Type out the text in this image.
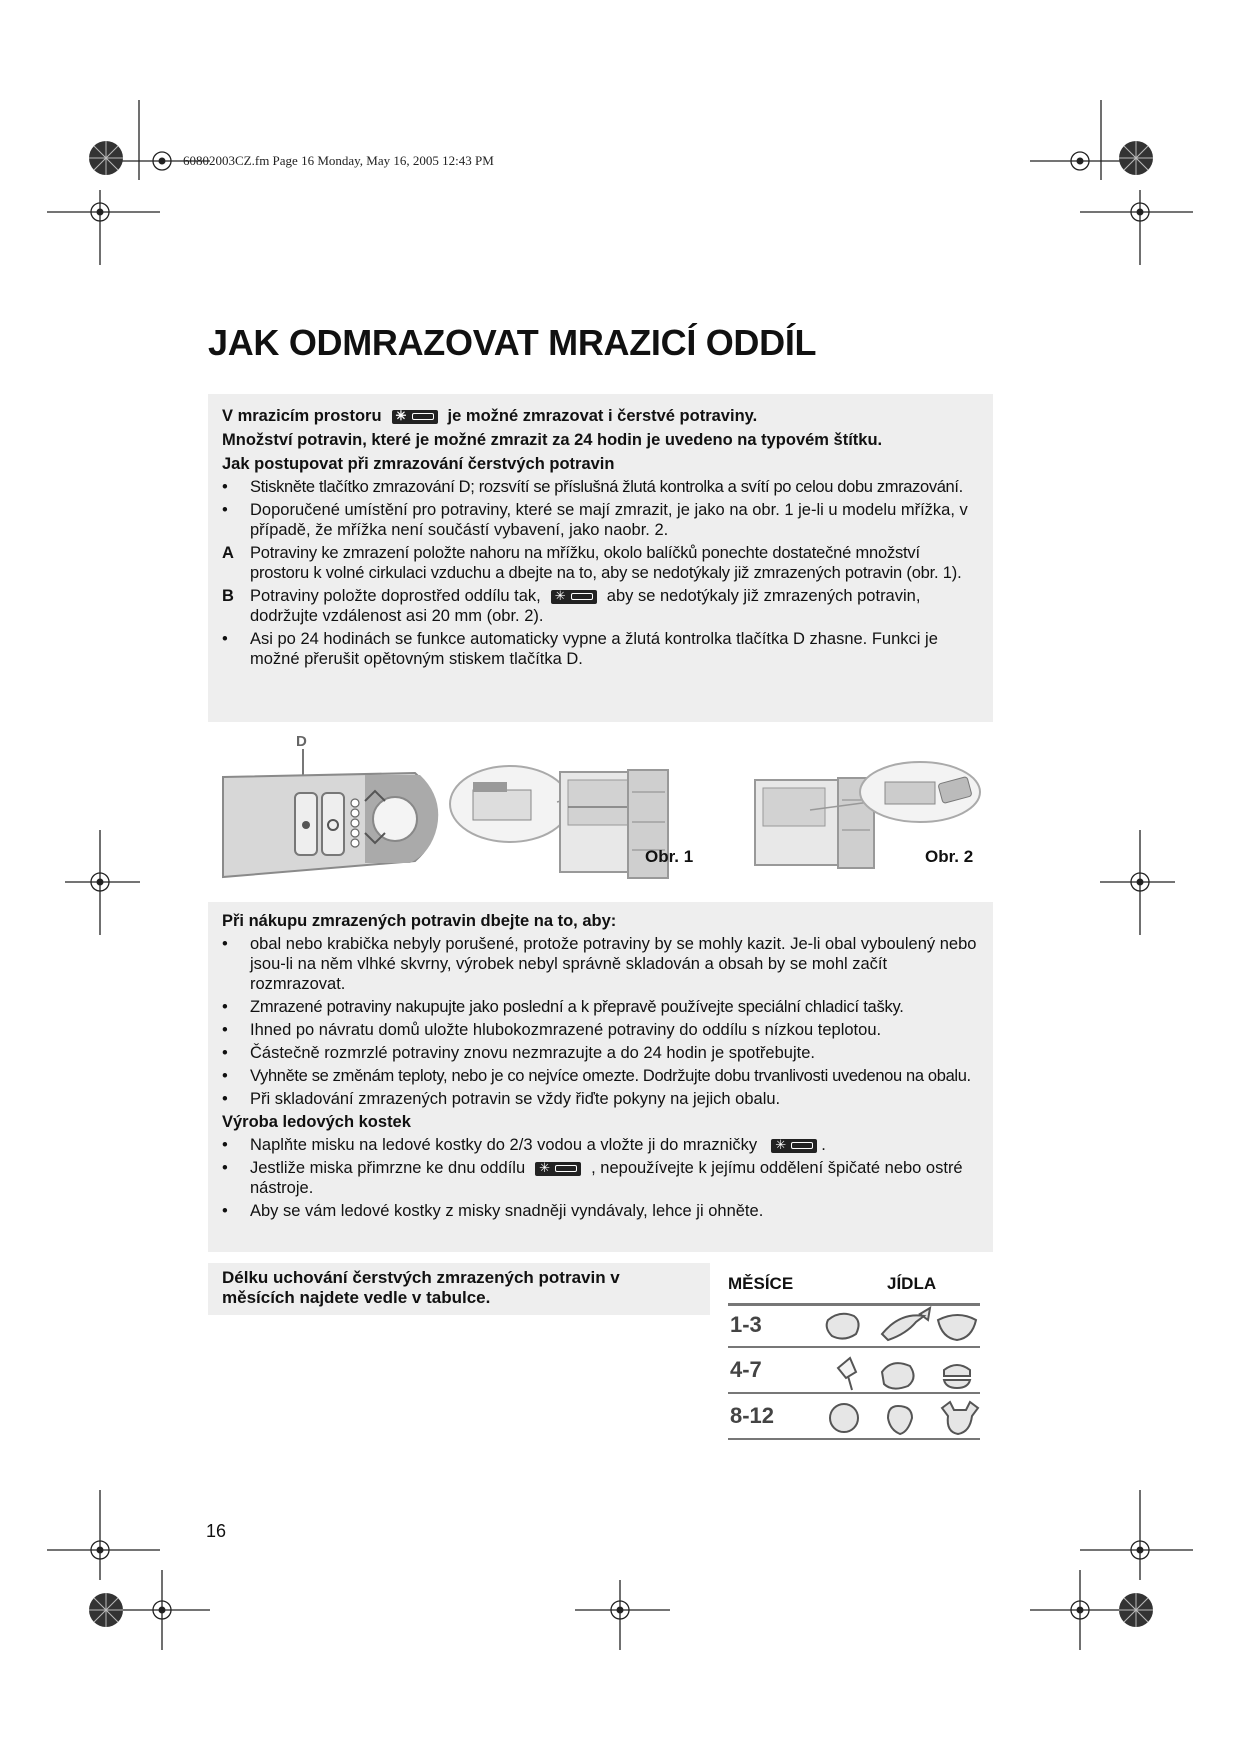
60802003CZ.fm Page 16 Monday, May 16, 2005 12:43 PM
JAK ODMRAZOVAT MRAZICÍ ODDÍL
V mrazicím prostoru ✳ je možné zmrazovat i čerstvé potraviny.
Množství potravin, které je možné zmrazit za 24 hodin je uvedeno na typovém štítku.
Jak postupovat při zmrazování čerstvých potravin
•	Stiskněte tlačítko zmrazování D; rozsvítí se příslušná žlutá kontrolka a svítí po celou dobu zmrazování.
•	Doporučené umístění pro potraviny, které se mají zmrazit, je jako na obr. 1 je-li u modelu mřížka, v případě, že mřížka není součástí vybavení, jako naobr. 2.
A Potraviny ke zmrazení položte nahoru na mřížku, okolo balíčků ponechte dostatečné množství prostoru k volné cirkulaci vzduchu a dbejte na to, aby se nedotýkaly již zmrazených potravin (obr. 1).
B Potraviny položte doprostřed oddílu tak, ✳ aby se nedotýkaly již zmrazených potravin, dodržujte vzdálenost asi 20 mm (obr. 2).
•	Asi po 24 hodinách se funkce automaticky vypne a žlutá kontrolka tlačítka D zhasne. Funkci je možné přerušit opětovným stiskem tlačítka D.
D
Obr. 1	Obr. 2
Při nákupu zmrazených potravin dbejte na to, aby:
•	obal nebo krabička nebyly porušené, protože potraviny by se mohly kazit. Je-li obal vyboulený nebo jsou-li na něm vlhké skvrny, výrobek nebyl správně skladován a obsah by se mohl začít rozmrazovat.
•	Zmrazené potraviny nakupujte jako poslední a k přepravě používejte speciální chladicí tašky.
•	Ihned po návratu domů uložte hlubokozmrazené potraviny do oddílu s nízkou teplotou.
•	Částečně rozmrzlé potraviny znovu nezmrazujte a do 24 hodin je spotřebujte.
•	Vyhněte se změnám teploty, nebo je co nejvíce omezte. Dodržujte dobu trvanlivosti uvedenou na obalu.
•	Při skladování zmrazených potravin se vždy řiďte pokyny na jejich obalu.
Výroba ledových kostek
•	Naplňte misku na ledové kostky do 2/3 vodou a vložte ji do mrazničky ✳ .
•	Jestliže miska přimrzne ke dnu oddílu ✳ , nepoužívejte k jejímu oddělení špičaté nebo ostré nástroje.
•	Aby se vám ledové kostky z misky snadněji vyndávaly, lehce ji ohněte.
Délku uchování čerstvých zmrazených potravin v měsících najdete vedle v tabulce.
MĚSÍCE	JÍDLA
1-3
4-7
8-12
16
